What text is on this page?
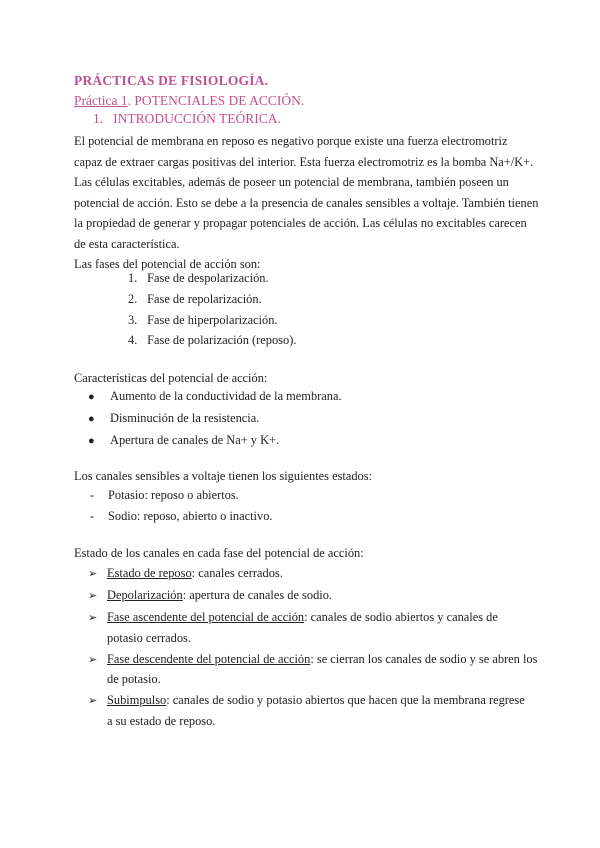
PRÁCTICAS DE FISIOLOGÍA.
Práctica 1. POTENCIALES DE ACCIÓN.
1. INTRODUCCIÓN TEÓRICA.
El potencial de membrana en reposo es negativo porque existe una fuerza electromotriz
capaz de extraer cargas positivas del interior. Esta fuerza electromotriz es la bomba Na+/K+.
Las células excitables, además de poseer un potencial de membrana, también poseen un
potencial de acción. Esto se debe a la presencia de canales sensibles a voltaje. También tienen
la propiedad de generar y propagar potenciales de acción. Las células no excitables carecen
de esta característica.
Las fases del potencial de acción son:
1. Fase de despolarización.
2. Fase de repolarización.
3. Fase de hiperpolarización.
4. Fase de polarización (reposo).
Características del potencial de acción:
● Aumento de la conductividad de la membrana.
● Disminución de la resistencia.
● Apertura de canales de Na+ y K+.
Los canales sensibles a voltaje tienen los siguientes estados:
- Potasio: reposo o abiertos.
- Sodio: reposo, abierto o inactivo.
Estado de los canales en cada fase del potencial de acción:
➢ Estado de reposo: canales cerrados.
➢ Depolarización: apertura de canales de sodio.
➢ Fase ascendente del potencial de acción: canales de sodio abiertos y canales de
potasio cerrados.
➢ Fase descendente del potencial de acción: se cierran los canales de sodio y se abren los
de potasio.
➢ Subimpulso: canales de sodio y potasio abiertos que hacen que la membrana regrese
a su estado de reposo.
